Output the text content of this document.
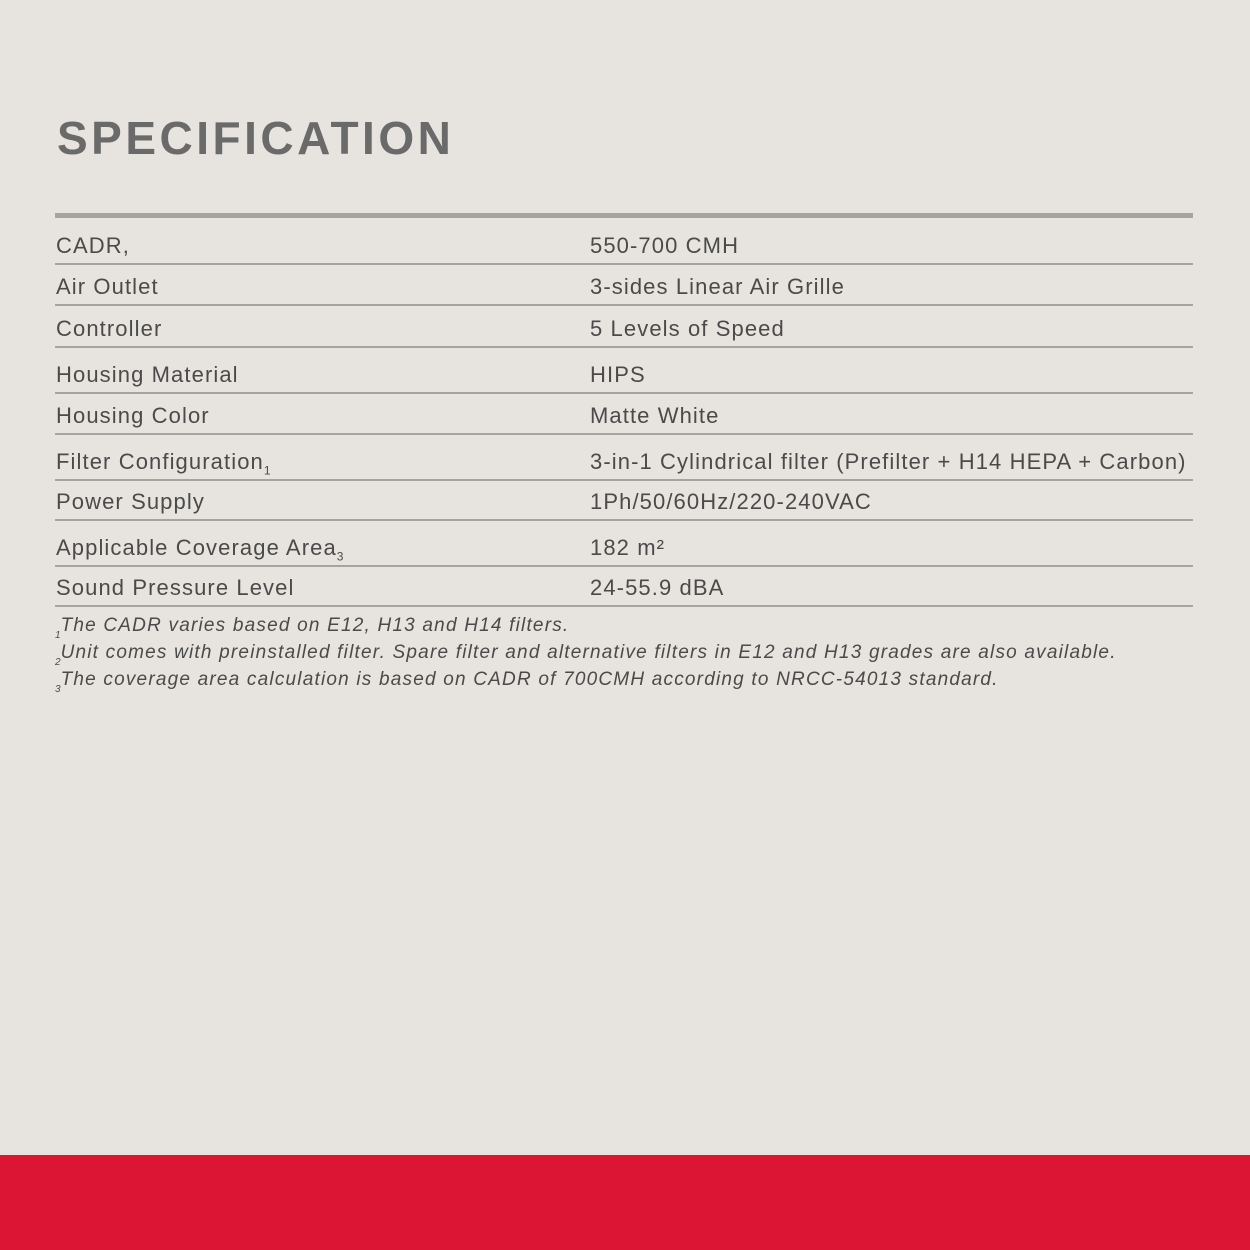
SPECIFICATION
CADR,	550-700 CMH
Air Outlet	3-sides Linear Air Grille
Controller	5 Levels of Speed
Housing Material	HIPS
Housing Color	Matte White
Filter Configuration$_1$	3-in-1 Cylindrical filter (Prefilter + H14 HEPA + Carbon)
Power Supply	1Ph/50/60Hz/220-240VAC
Applicable Coverage Area$_3$	182 m²
Sound Pressure Level	24-55.9 dBA
$_1$The CADR varies based on E12, H13 and H14 filters.
$_2$Unit comes with preinstalled filter. Spare filter and alternative filters in E12 and H13 grades are also available.
$_3$The coverage area calculation is based on CADR of 700CMH according to NRCC-54013 standard.
